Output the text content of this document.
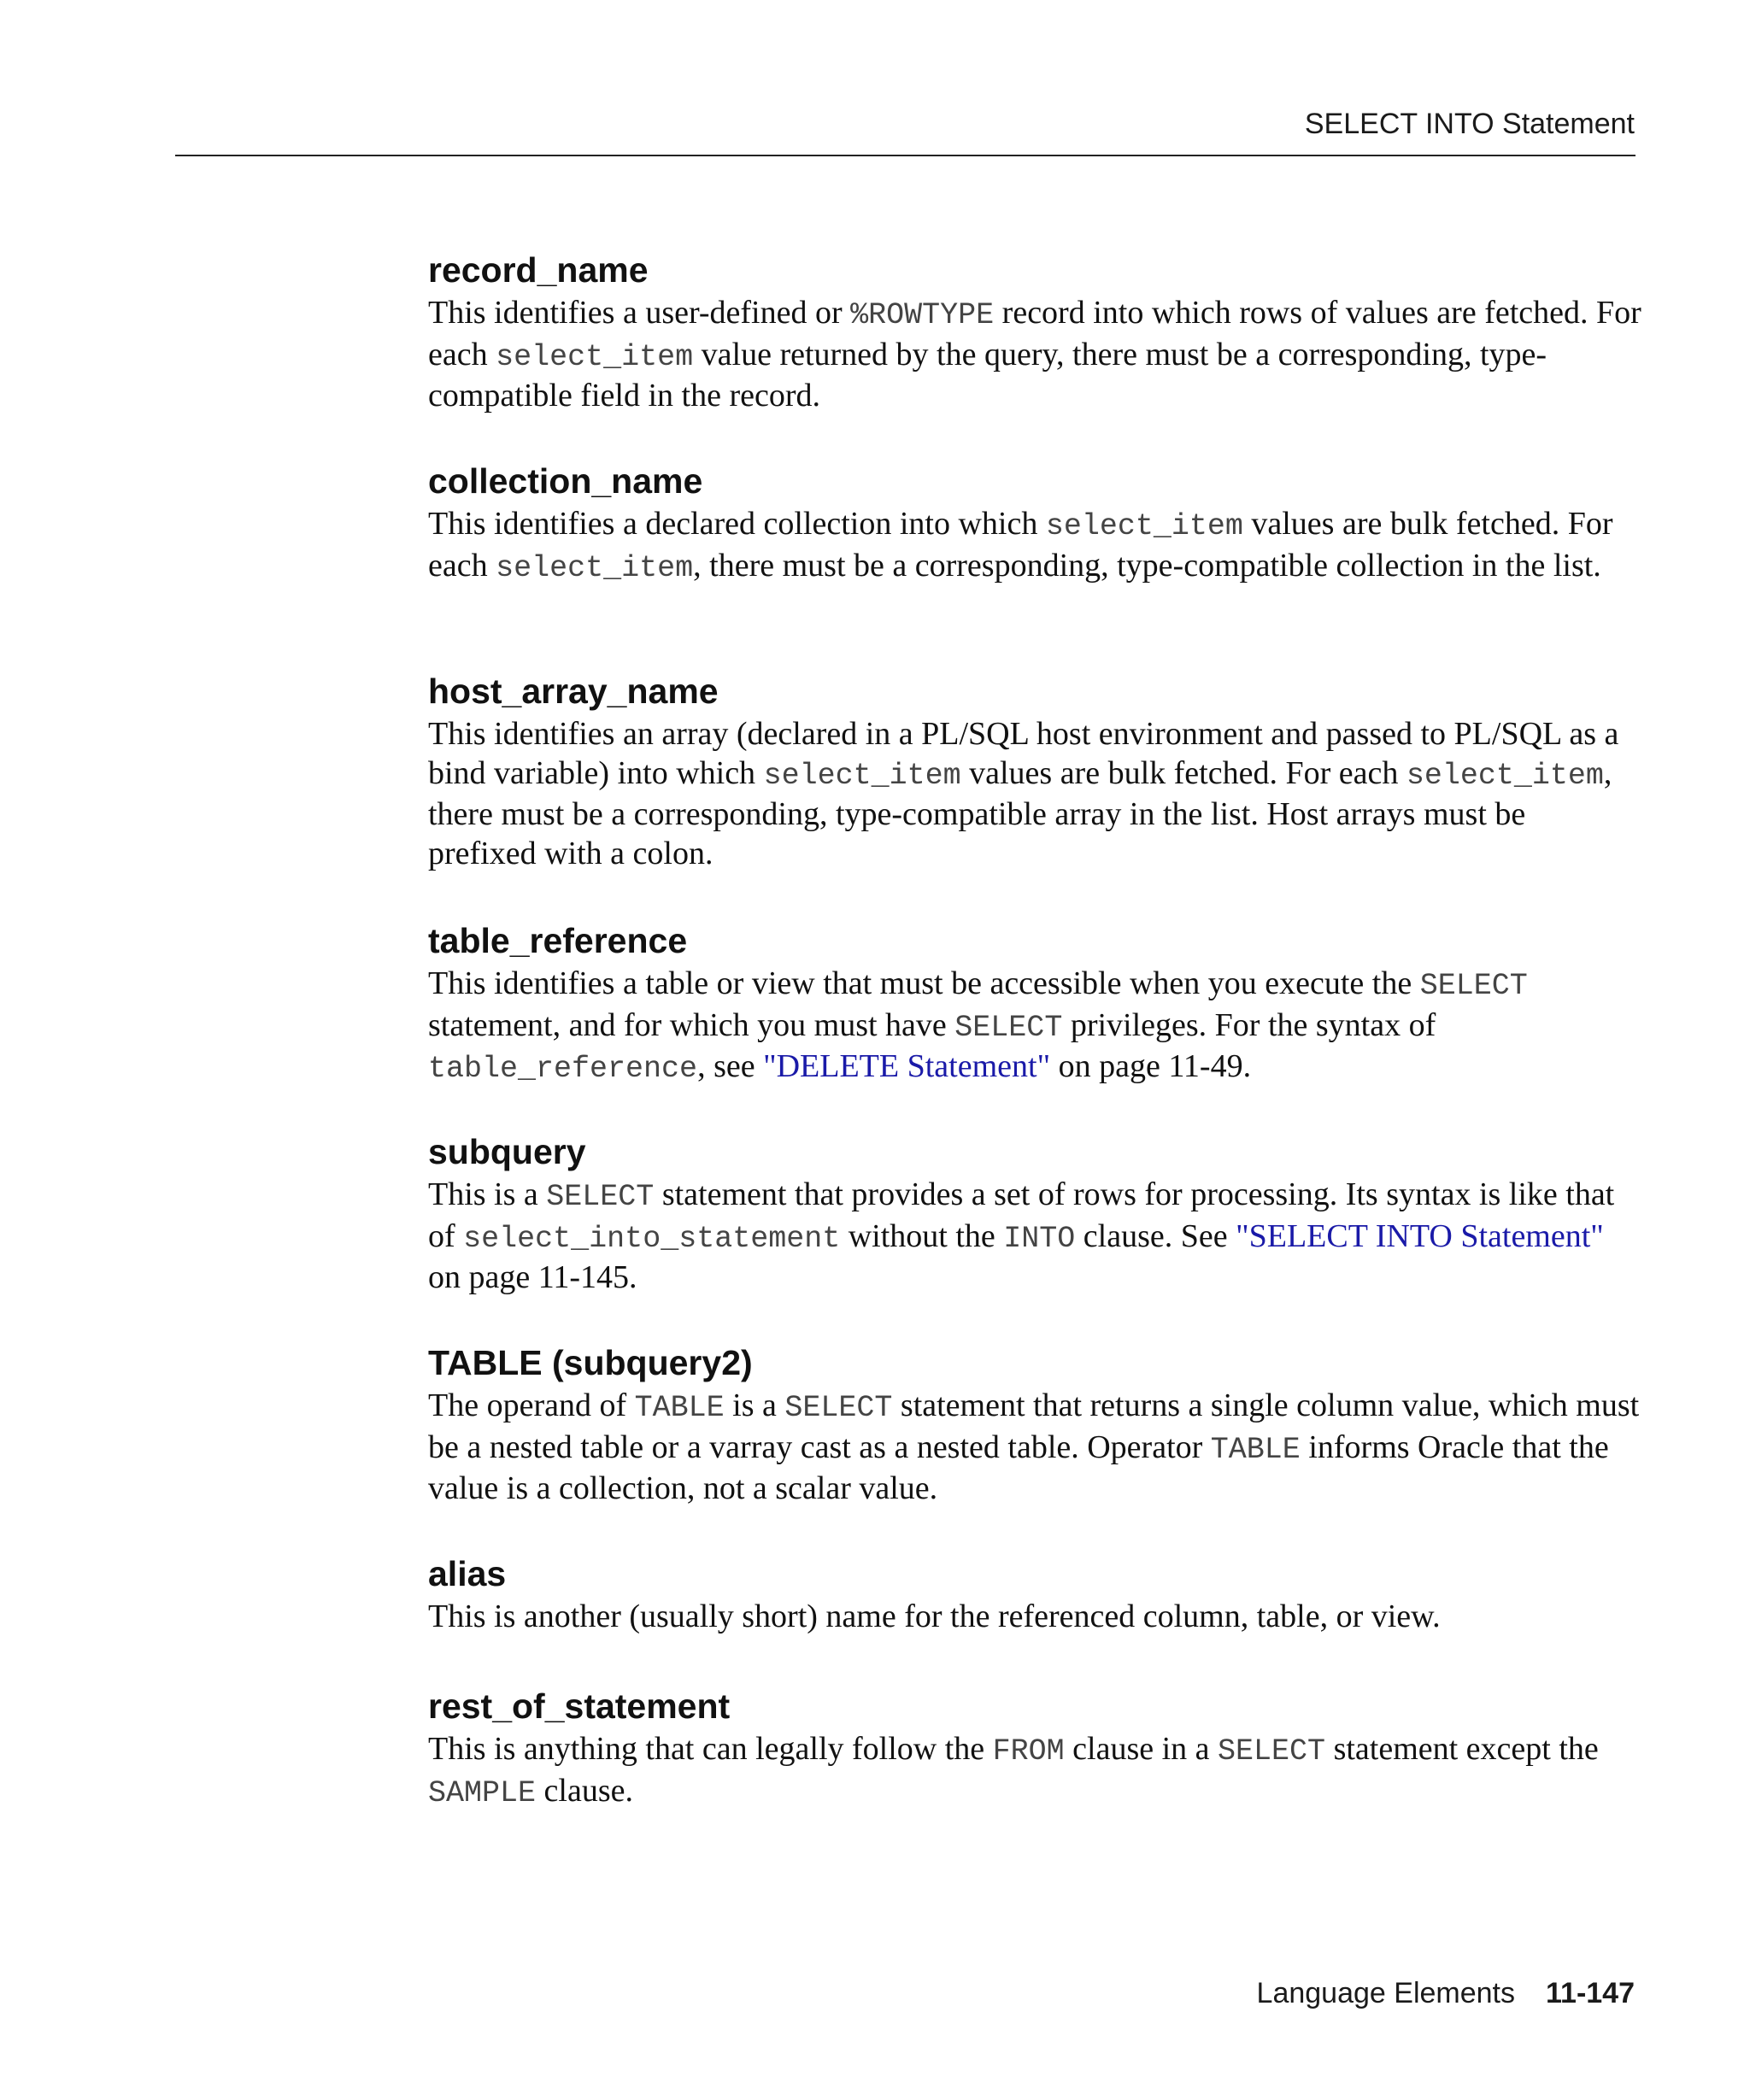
SELECT INTO Statement
record_name

This identifies a user-defined or %ROWTYPE record into which rows of values are fetched. For each select_item value returned by the query, there must be a corresponding, type-compatible field in the record.

collection_name

This identifies a declared collection into which select_item values are bulk fetched. For each select_item, there must be a corresponding, type-compatible collection in the list.

host_array_name

This identifies an array (declared in a PL/SQL host environment and passed to PL/SQL as a bind variable) into which select_item values are bulk fetched. For each select_item, there must be a corresponding, type-compatible array in the list. Host arrays must be prefixed with a colon.

table_reference

This identifies a table or view that must be accessible when you execute the SELECT statement, and for which you must have SELECT privileges. For the syntax of table_reference, see "DELETE Statement" on page 11-49.

subquery

This is a SELECT statement that provides a set of rows for processing. Its syntax is like that of select_into_statement without the INTO clause. See "SELECT INTO Statement" on page 11-145.

TABLE (subquery2)

The operand of TABLE is a SELECT statement that returns a single column value, which must be a nested table or a varray cast as a nested table. Operator TABLE informs Oracle that the value is a collection, not a scalar value.

alias

This is another (usually short) name for the referenced column, table, or view.

rest_of_statement

This is anything that can legally follow the FROM clause in a SELECT statement except the SAMPLE clause.

Language Elements 11-147
